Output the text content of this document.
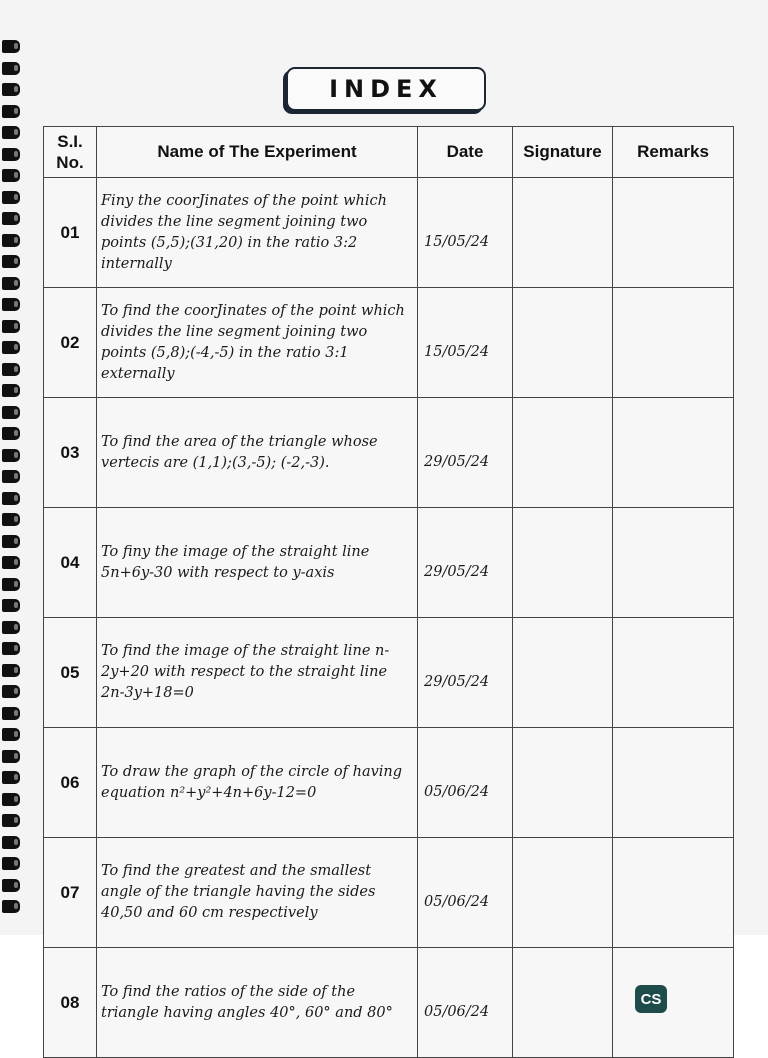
INDEX
S.I.
No.	Name of The Experiment	Date	Signature	Remarks
01	Finy the coorJinates of the point which divides the line segment joining two points (5,5);(31,20) in the ratio 3:2 internally	15/05/24		
02	To find the coorJinates of the point which divides the line segment joining two points (5,8);(-4,-5) in the ratio 3:1 externally	15/05/24		
03	To find the area of the triangle whose vertecis are (1,1);(3,-5); (-2,-3).	29/05/24		
04	To finy the image of the straight line 5n+6y-30 with respect to y-axis	29/05/24		
05	To find the image of the straight line n-2y+20 with respect to the straight line 2n-3y+18=0	29/05/24		
06	To draw the graph of the circle of having equation n²+y²+4n+6y-12=0	05/06/24		
07	To find the greatest and the smallest angle of the triangle having the sides 40,50 and 60 cm respectively	05/06/24		
08	To find the ratios of the side of the triangle having angles 40°, 60° and 80°	05/06/24		
CS
